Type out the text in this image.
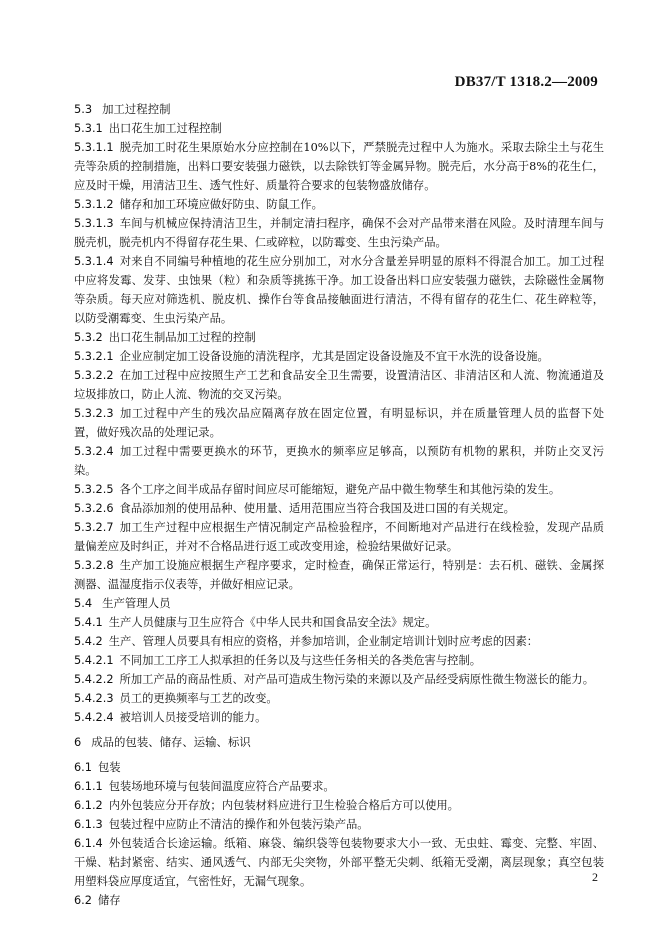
DB37/T 1318.2—2009

5.3 加工过程控制

5.3.1 出口花生加工过程控制

5.3.1.1 脱壳加工时花生果原始水分应控制在10%以下，严禁脱壳过程中人为施水。采取去除尘土与花生壳等杂质的控制措施，出料口要安装强力磁铁，以去除铁钉等金属异物。脱壳后，水分高于8%的花生仁，应及时干燥，用清洁卫生、透气性好、质量符合要求的包装物盛放储存。

5.3.1.2 储存和加工环境应做好防虫、防鼠工作。

5.3.1.3 车间与机械应保持清洁卫生，并制定清扫程序，确保不会对产品带来潜在风险。及时清理车间与脱壳机，脱壳机内不得留存花生果、仁或碎粒，以防霉变、生虫污染产品。

5.3.1.4 对来自不同编号种植地的花生应分别加工，对水分含量差异明显的原料不得混合加工。加工过程中应将发霉、发芽、虫蚀果（粒）和杂质等挑拣干净。加工设备出料口应安装强力磁铁，去除磁性金属物等杂质。每天应对筛选机、脱皮机、操作台等食品接触面进行清洁，不得有留存的花生仁、花生碎粒等，以防受潮霉变、生虫污染产品。

5.3.2 出口花生制品加工过程的控制

5.3.2.1 企业应制定加工设备设施的清洗程序，尤其是固定设备设施及不宜干水洗的设备设施。

5.3.2.2 在加工过程中应按照生产工艺和食品安全卫生需要，设置清洁区、非清洁区和人流、物流通道及垃圾排放口，防止人流、物流的交叉污染。

5.3.2.3 加工过程中产生的残次品应隔离存放在固定位置，有明显标识，并在质量管理人员的监督下处置，做好残次品的处理记录。

5.3.2.4 加工过程中需要更换水的环节，更换水的频率应足够高，以预防有机物的累积，并防止交叉污染。

5.3.2.5 各个工序之间半成品存留时间应尽可能缩短，避免产品中微生物孳生和其他污染的发生。

5.3.2.6 食品添加剂的使用品种、使用量、适用范围应当符合我国及进口国的有关规定。

5.3.2.7 加工生产过程中应根据生产情况制定产品检验程序，不间断地对产品进行在线检验，发现产品质量偏差应及时纠正，并对不合格品进行返工或改变用途，检验结果做好记录。

5.3.2.8 生产加工设施应根据生产程序要求，定时检查，确保正常运行，特别是：去石机、磁铁、金属探测器、温湿度指示仪表等，并做好相应记录。

5.4 生产管理人员

5.4.1 生产人员健康与卫生应符合《中华人民共和国食品安全法》规定。

5.4.2 生产、管理人员要具有相应的资格，并参加培训，企业制定培训计划时应考虑的因素：

5.4.2.1 不同加工工序工人拟承担的任务以及与这些任务相关的各类危害与控制。

5.4.2.2 所加工产品的商品性质、对产品可造成生物污染的来源以及产品经受病原性微生物滋长的能力。

5.4.2.3 员工的更换频率与工艺的改变。

5.4.2.4 被培训人员接受培训的能力。

6 成品的包装、储存、运输、标识

6.1 包装

6.1.1 包装场地环境与包装间温度应符合产品要求。

6.1.2 内外包装应分开存放；内包装材料应进行卫生检验合格后方可以使用。

6.1.3 包装过程中应防止不清洁的操作和外包装污染产品。

6.1.4 外包装适合长途运输。纸箱、麻袋、编织袋等包装物要求大小一致、无虫蛀、霉变、完整、牢固、干燥、粘封紧密、结实、通风透气、内部无尖突物，外部平整无尖刺、纸箱无受潮，离层现象；真空包装用塑料袋应厚度适宜，气密性好，无漏气现象。

6.2 储存

2
